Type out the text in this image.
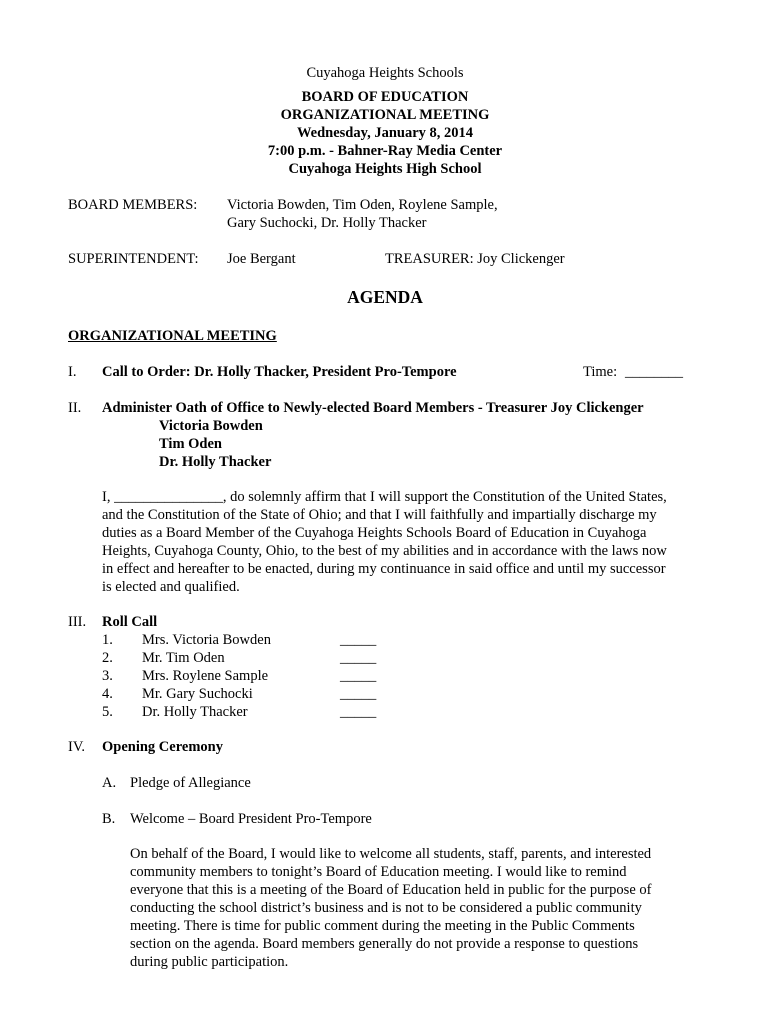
Cuyahoga Heights Schools
BOARD OF EDUCATION
ORGANIZATIONAL MEETING
Wednesday, January 8, 2014
7:00 p.m. - Bahner-Ray Media Center
Cuyahoga Heights High School
BOARD MEMBERS: Victoria Bowden, Tim Oden, Roylene Sample,
Gary Suchocki, Dr. Holly Thacker
SUPERINTENDENT: Joe Bergant	TREASURER: Joy Clickenger
AGENDA
ORGANIZATIONAL MEETING
I. Call to Order: Dr. Holly Thacker, President Pro-Tempore	Time: ________
II. Administer Oath of Office to Newly-elected Board Members - Treasurer Joy Clickenger
Victoria Bowden
Tim Oden
Dr. Holly Thacker
I, _______________, do solemnly affirm that I will support the Constitution of the United States,
and the Constitution of the State of Ohio; and that I will faithfully and impartially discharge my
duties as a Board Member of the Cuyahoga Heights Schools Board of Education in Cuyahoga
Heights, Cuyahoga County, Ohio, to the best of my abilities and in accordance with the laws now
in effect and hereafter to be enacted, during my continuance in said office and until my successor
is elected and qualified.
III. Roll Call
1. Mrs. Victoria Bowden	_____
2. Mr. Tim Oden	_____
3. Mrs. Roylene Sample	_____
4. Mr. Gary Suchocki	_____
5. Dr. Holly Thacker	_____
IV. Opening Ceremony
A. Pledge of Allegiance
B. Welcome – Board President Pro-Tempore
On behalf of the Board, I would like to welcome all students, staff, parents, and interested
community members to tonight’s Board of Education meeting. I would like to remind
everyone that this is a meeting of the Board of Education held in public for the purpose of
conducting the school district’s business and is not to be considered a public community
meeting. There is time for public comment during the meeting in the Public Comments
section on the agenda. Board members generally do not provide a response to questions
during public participation.
